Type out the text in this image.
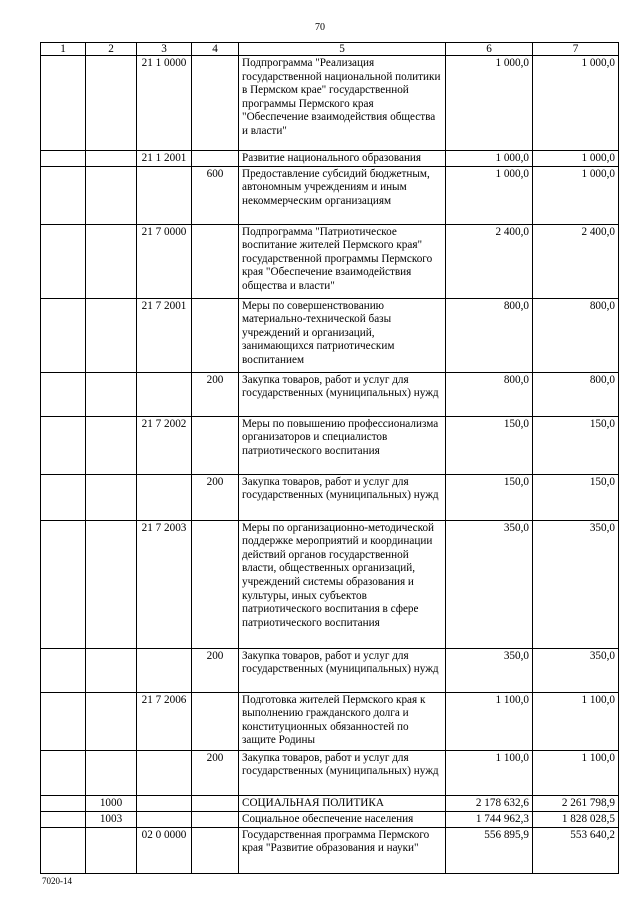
70
1	2	3	4	5	6	7
		21 1 0000		Подпрограмма "Реализация государственной национальной политики в Пермском крае" государственной программы Пермского края "Обеспечение взаимодействия общества и власти"	1 000,0	1 000,0
		21 1 2001		Развитие национального образования	1 000,0	1 000,0
			600	Предоставление субсидий бюджетным, автономным учреждениям и иным некоммерческим организациям	1 000,0	1 000,0
		21 7 0000		Подпрограмма "Патриотическое воспитание жителей Пермского края" государственной программы Пермского края "Обеспечение взаимодействия общества и власти"	2 400,0	2 400,0
		21 7 2001		Меры по совершенствованию материально-технической базы учреждений и организаций, занимающихся патриотическим воспитанием	800,0	800,0
			200	Закупка товаров, работ и услуг для государственных (муниципальных) нужд	800,0	800,0
		21 7 2002		Меры по повышению профессионализма организаторов и специалистов патриотического воспитания	150,0	150,0
			200	Закупка товаров, работ и услуг для государственных (муниципальных) нужд	150,0	150,0
		21 7 2003		Меры по организационно-методической поддержке мероприятий и координации действий органов государственной власти, общественных организаций, учреждений системы образования и культуры, иных субъектов патриотического воспитания в сфере патриотического воспитания	350,0	350,0
			200	Закупка товаров, работ и услуг для государственных (муниципальных) нужд	350,0	350,0
		21 7 2006		Подготовка жителей Пермского края к выполнению гражданского долга и конституционных обязанностей по защите Родины	1 100,0	1 100,0
			200	Закупка товаров, работ и услуг для государственных (муниципальных) нужд	1 100,0	1 100,0
	1000			СОЦИАЛЬНАЯ ПОЛИТИКА	2 178 632,6	2 261 798,9
	1003			Социальное обеспечение населения	1 744 962,3	1 828 028,5
		02 0 0000		Государственная программа Пермского края "Развитие образования и науки"	556 895,9	553 640,2
7020-14
